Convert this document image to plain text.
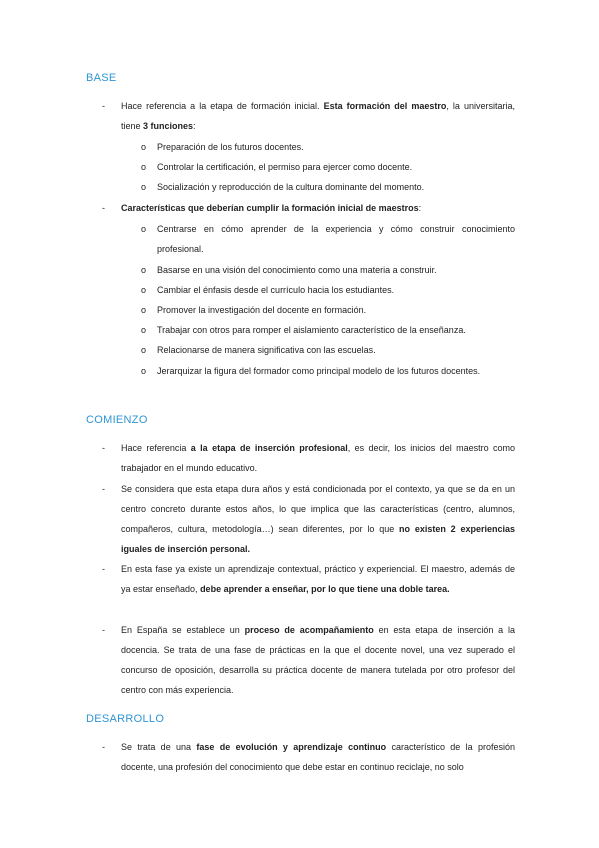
BASE
- Hace referencia a la etapa de formación inicial. Esta formación del maestro, la universitaria, tiene 3 funciones:
o Preparación de los futuros docentes.
o Controlar la certificación, el permiso para ejercer como docente.
o Socialización y reproducción de la cultura dominante del momento.
- Características que deberían cumplir la formación inicial de maestros:
o Centrarse en cómo aprender de la experiencia y cómo construir conocimiento profesional.
o Basarse en una visión del conocimiento como una materia a construir.
o Cambiar el énfasis desde el currículo hacia los estudiantes.
o Promover la investigación del docente en formación.
o Trabajar con otros para romper el aislamiento característico de la enseñanza.
o Relacionarse de manera significativa con las escuelas.
o Jerarquizar la figura del formador como principal modelo de los futuros docentes.
COMIENZO
- Hace referencia a la etapa de inserción profesional, es decir, los inicios del maestro como trabajador en el mundo educativo.
- Se considera que esta etapa dura años y está condicionada por el contexto, ya que se da en un centro concreto durante estos años, lo que implica que las características (centro, alumnos, compañeros, cultura, metodología…) sean diferentes, por lo que no existen 2 experiencias iguales de inserción personal.
- En esta fase ya existe un aprendizaje contextual, práctico y experiencial. El maestro, además de ya estar enseñado, debe aprender a enseñar, por lo que tiene una doble tarea.
- En España se establece un proceso de acompañamiento en esta etapa de inserción a la docencia. Se trata de una fase de prácticas en la que el docente novel, una vez superado el concurso de oposición, desarrolla su práctica docente de manera tutelada por otro profesor del centro con más experiencia.
DESARROLLO
- Se trata de una fase de evolución y aprendizaje continuo característico de la profesión docente, una profesión del conocimiento que debe estar en continuo reciclaje, no solo
